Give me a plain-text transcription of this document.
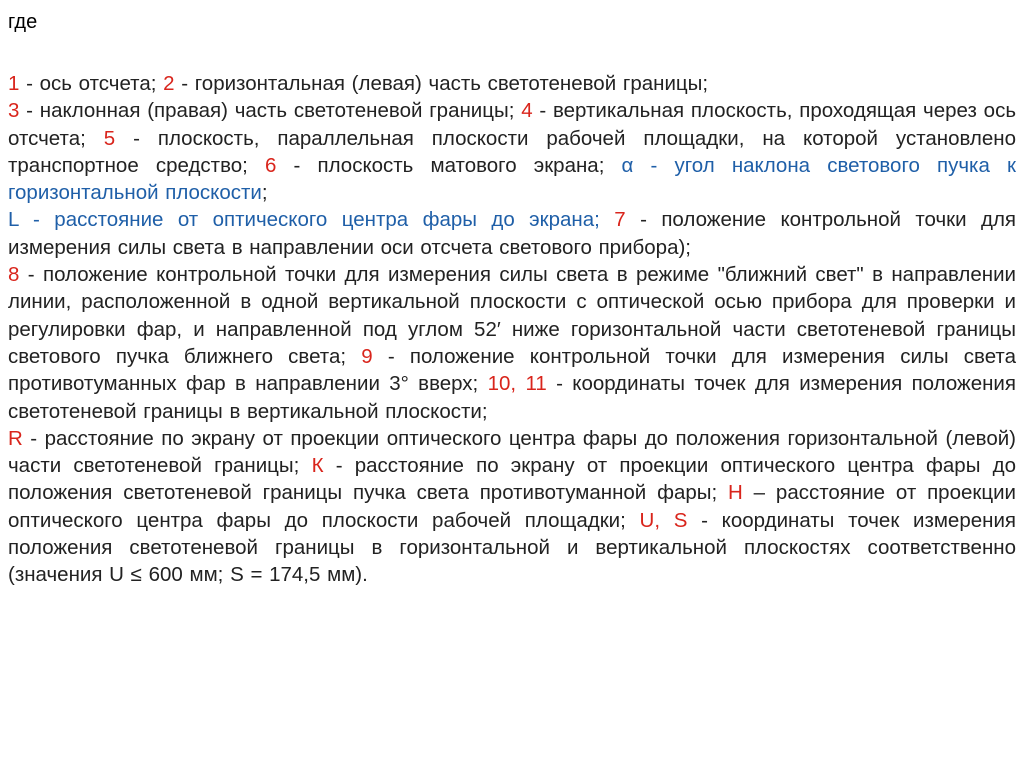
где
1 - ось отсчета; 2 - горизонтальная (левая) часть светотеневой границы;
3 - наклонная (правая) часть светотеневой границы; 4 - вертикальная плоскость, проходящая через ось отсчета; 5 - плоскость, параллельная плоскости рабочей площадки, на которой установлено транспортное средство; 6 - плоскость матового экрана; α - угол наклона светового пучка к горизонтальной плоскости;
L - расстояние от оптического центра фары до экрана; 7 - положение контрольной точки для измерения силы света в направлении оси отсчета светового прибора);
8 - положение контрольной точки для измерения силы света в режиме "ближний свет" в направлении линии, расположенной в одной вертикальной плоскости с оптической осью прибора для проверки и регулировки фар, и направленной под углом 52′ ниже горизонтальной части светотеневой границы светового пучка ближнего света; 9 - положение контрольной точки для измерения силы света противотуманных фар в направлении 3° вверх; 10, 11 - координаты точек для измерения положения светотеневой границы в вертикальной плоскости;
R - расстояние по экрану от проекции оптического центра фары до положения горизонтальной (левой) части светотеневой границы; К - расстояние по экрану от проекции оптического центра фары до положения светотеневой границы пучка света противотуманной фары; Н – расстояние от проекции оптического центра фары до плоскости рабочей площадки; U, S - координаты точек измерения положения светотеневой границы в горизонтальной и вертикальной плоскостях соответственно (значения U ≤ 600 мм; S = 174,5 мм).
